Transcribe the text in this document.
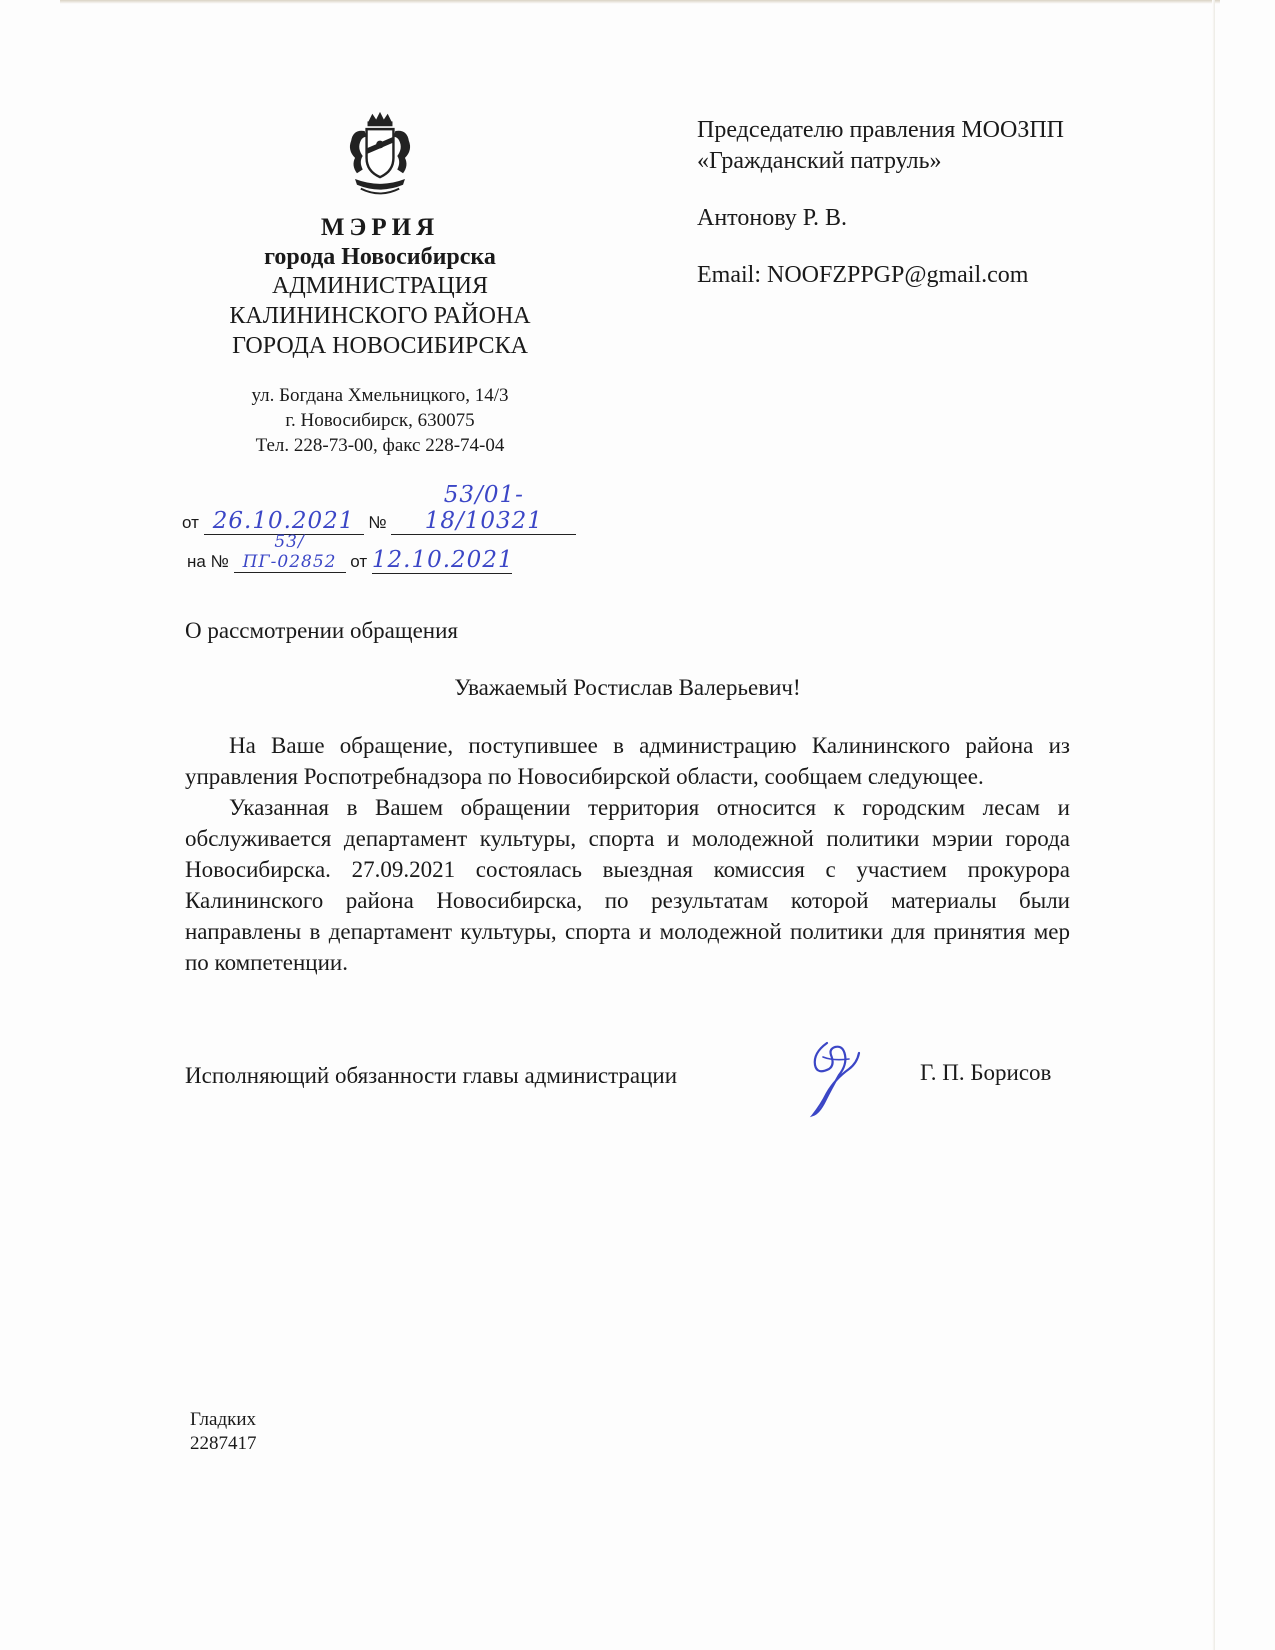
МЭРИЯ
города Новосибирска
АДМИНИСТРАЦИЯ
КАЛИНИНСКОГО РАЙОНА
ГОРОДА НОВОСИБИРСКА
ул. Богдана Хмельницкого, 14/3
г. Новосибирск, 630075
Тел. 228-73-00, факс 228-74-04
от 26.10.2021 № 53/01-18/10321
на № 53/ПГ-02852 от 12.10.2021
Председателю правления МООЗПП
«Гражданский патруль»
Антонову Р. В.
Email: NOOFZPPGP@gmail.com
О рассмотрении обращения
Уважаемый Ростислав Валерьевич!

На Ваше обращение, поступившее в администрацию Калининского района из управления Роспотребнадзора по Новосибирской области, сообщаем следующее.

Указанная в Вашем обращении территория относится к городским лесам и обслуживается департамент культуры, спорта и молодежной политики мэрии города Новосибирска. 27.09.2021 состоялась выездная комиссия с участием прокурора Калининского района Новосибирска, по результатам которой материалы были направлены в департамент культуры, спорта и молодежной политики для принятия мер по компетенции.

Исполняющий обязанности главы администрации	Г. П. Борисов
Гладких
2287417
